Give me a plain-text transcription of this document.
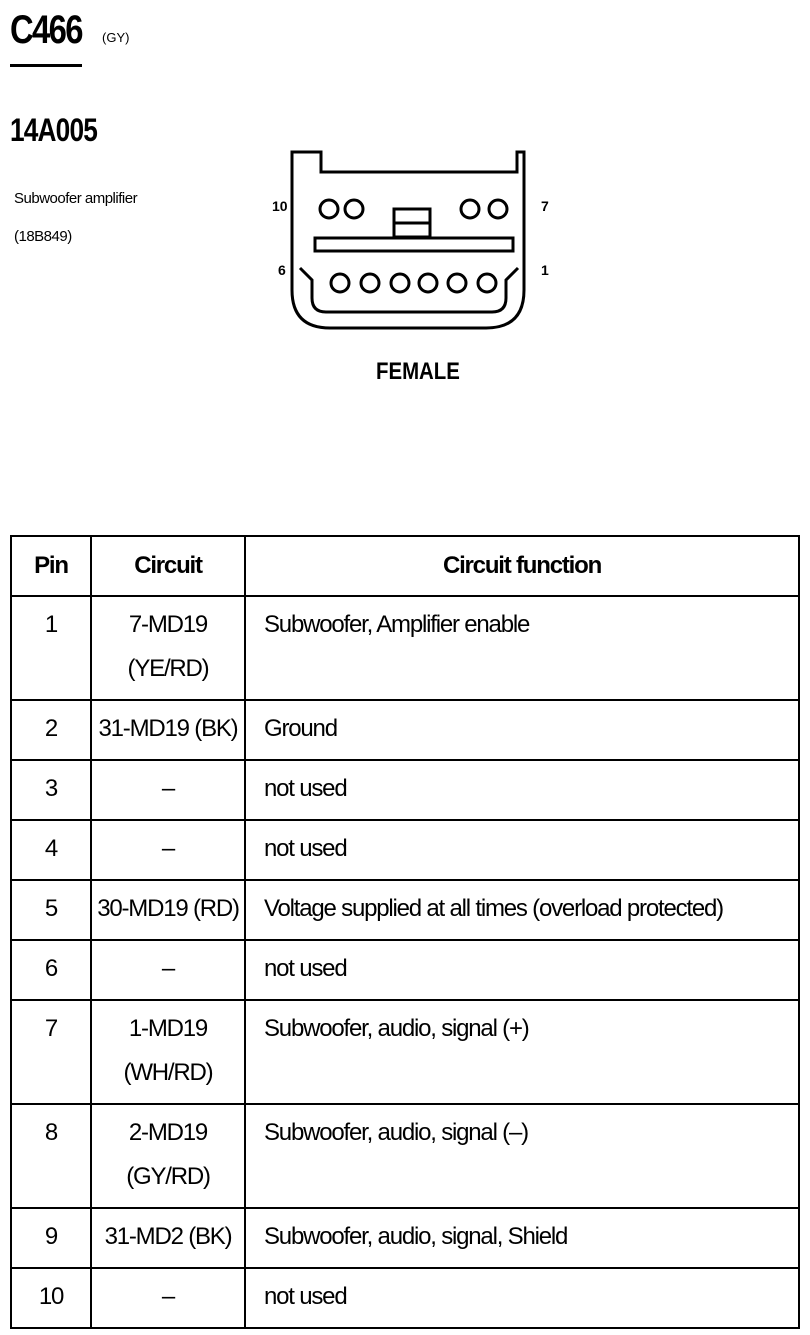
C466 (GY)
14A005
Subwoofer amplifier
(18B849)
10	7
6	1
FEMALE
Pin	Circuit	Circuit function
1	7-MD19 (YE/RD)	Subwoofer, Amplifier enable
2	31-MD19 (BK)	Ground
3	–	not used
4	–	not used
5	30-MD19 (RD)	Voltage supplied at all times (overload protected)
6	–	not used
7	1-MD19 (WH/RD)	Subwoofer, audio, signal (+)
8	2-MD19 (GY/RD)	Subwoofer, audio, signal (–)
9	31-MD2 (BK)	Subwoofer, audio, signal, Shield
10	–	not used
